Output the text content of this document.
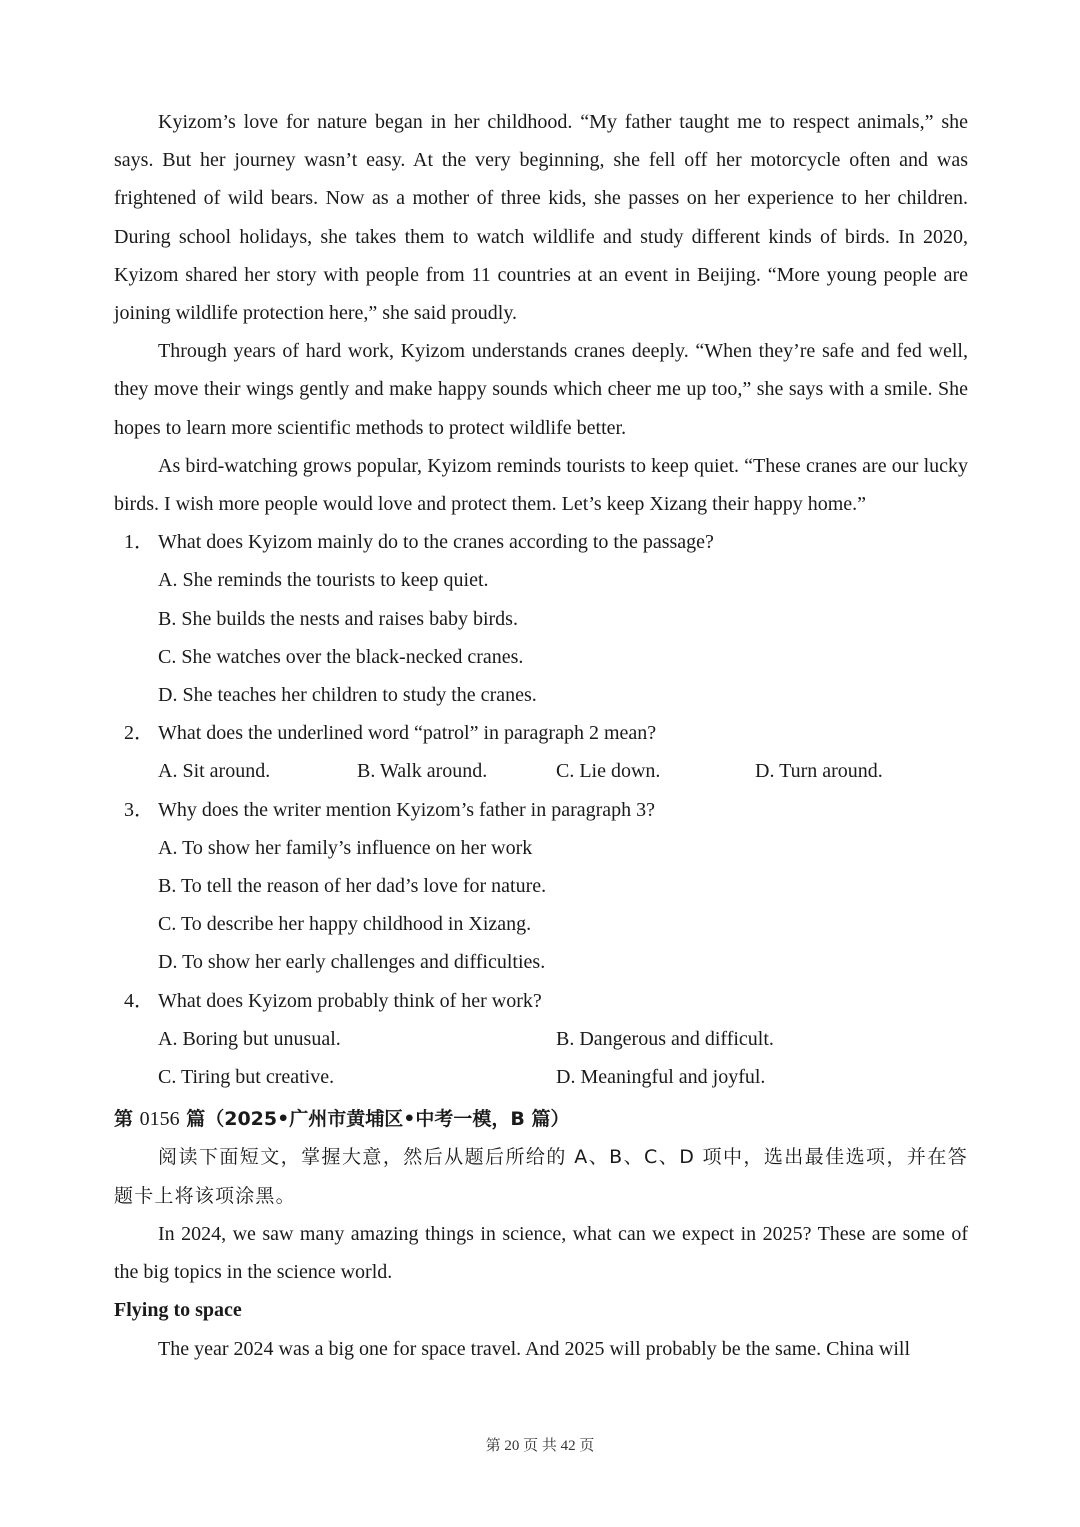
Kyizom’s love for nature began in her childhood. “My father taught me to respect animals,” she says. But her journey wasn’t easy. At the very beginning, she fell off her motorcycle often and was frightened of wild bears. Now as a mother of three kids, she passes on her experience to her children. During school holidays, she takes them to watch wildlife and study different kinds of birds. In 2020, Kyizom shared her story with people from 11 countries at an event in Beijing. “More young people are joining wildlife protection here,” she said proudly.

Through years of hard work, Kyizom understands cranes deeply. “When they’re safe and fed well, they move their wings gently and make happy sounds which cheer me up too,” she says with a smile. She hopes to learn more scientific methods to protect wildlife better.

As bird-watching grows popular, Kyizom reminds tourists to keep quiet. “These cranes are our lucky birds. I wish more people would love and protect them. Let’s keep Xizang their happy home.”

1． What does Kyizom mainly do to the cranes according to the passage?

A. She reminds the tourists to keep quiet.

B. She builds the nests and raises baby birds.

C. She watches over the black-necked cranes.

D. She teaches her children to study the cranes.

2． What does the underlined word “patrol” in paragraph 2 mean?
A. Sit around.	B. Walk around.	C. Lie down.	D. Turn around.
3． Why does the writer mention Kyizom’s father in paragraph 3?

A. To show her family’s influence on her work

B. To tell the reason of her dad’s love for nature.

C. To describe her happy childhood in Xizang.

D. To show her early challenges and difficulties.

4． What does Kyizom probably think of her work?
A. Boring but unusual.	B. Dangerous and difficult.
C. Tiring but creative.	D. Meaningful and joyful.

第 0156 篇（2025•广州市黄埔区•中考一模，B 篇）

阅读下面短文，掌握大意，然后从题后所给的 A、B、C、D 项中，选出最佳选项，并在答题卡上将该项涂黑。

In 2024, we saw many amazing things in science, what can we expect in 2025? These are some of the big topics in the science world.

Flying to space

The year 2024 was a big one for space travel. And 2025 will probably be the same. China will

第 20 页 共 42 页
